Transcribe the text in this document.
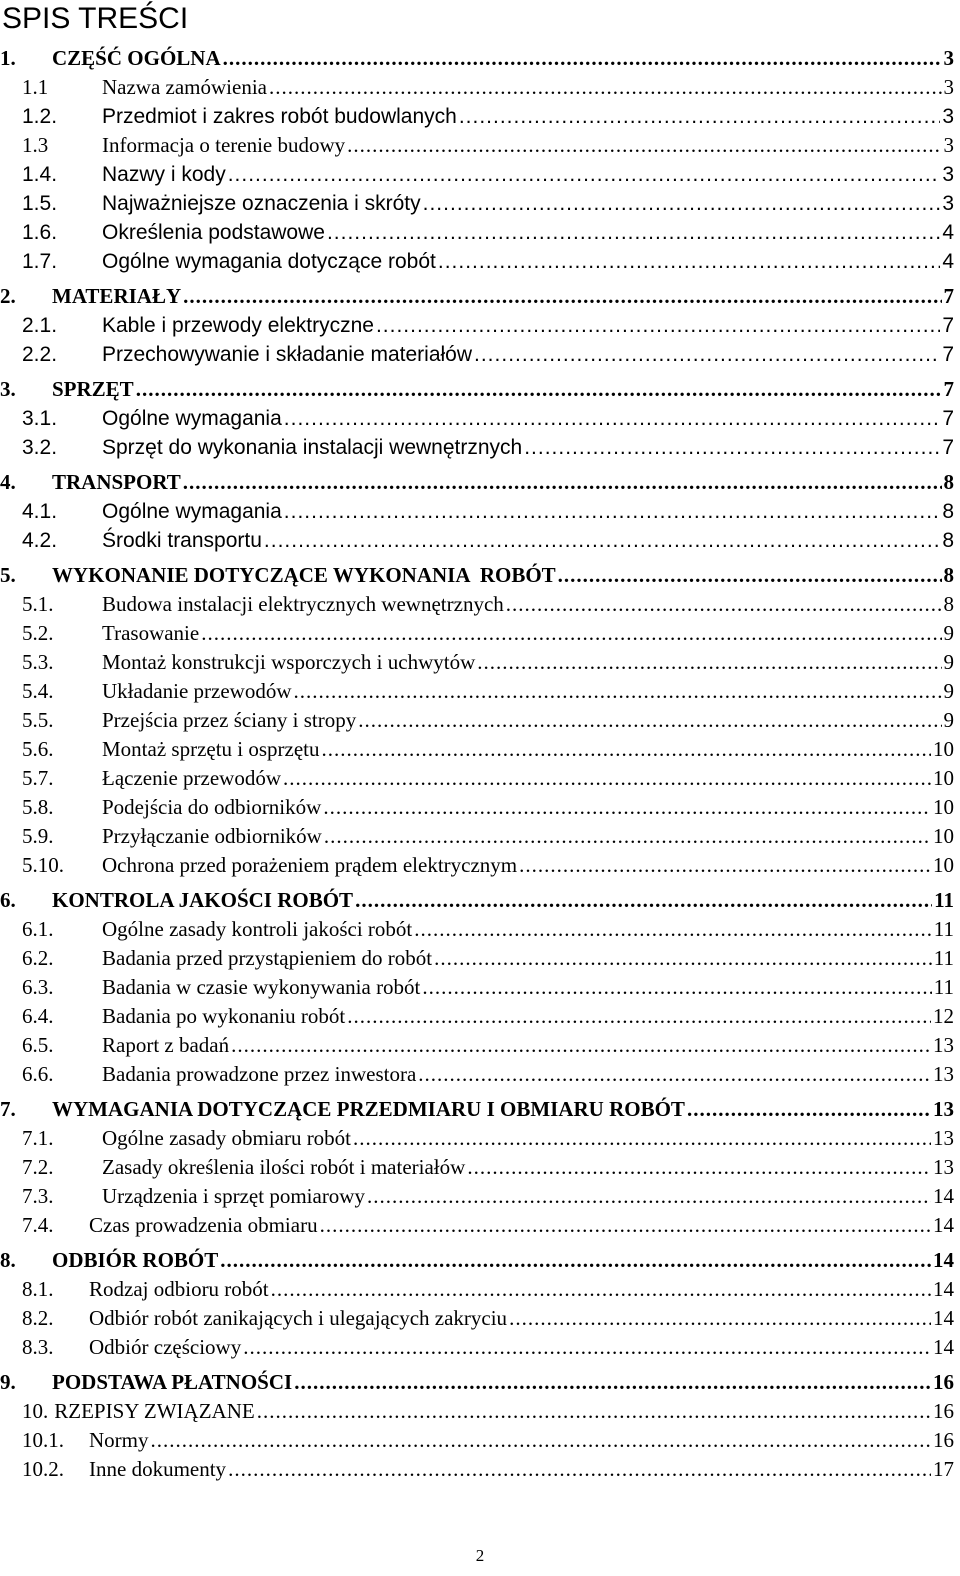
SPIS TREŚCI
1.	CZĘŚĆ OGÓLNA .....	3
1.1	Nazwa zamówienia .....	3
1.2.	Przedmiot i zakres robót budowlanych .....	3
1.3	Informacja o terenie budowy .....	3
1.4.	Nazwy i kody .....	3
1.5.	Najważniejsze oznaczenia i skróty .....	3
1.6.	Określenia podstawowe .....	4
1.7.	Ogólne wymagania dotyczące robót .....	4
2.	MATERIAŁY .....	7
2.1.	Kable i przewody elektryczne .....	7
2.2.	Przechowywanie i składanie materiałów .....	7
3.	SPRZĘT .....	7
3.1.	Ogólne wymagania .....	7
3.2.	Sprzęt do wykonania instalacji wewnętrznych .....	7
4.	TRANSPORT .....	8
4.1.	Ogólne wymagania .....	8
4.2.	Środki transportu .....	8
5.	WYKONANIE DOTYCZĄCE WYKONANIA  ROBÓT .....	8
5.1.	Budowa instalacji elektrycznych wewnętrznych .....	8
5.2.	Trasowanie .....	9
5.3.	Montaż konstrukcji wsporczych i uchwytów .....	9
5.4.	Układanie przewodów .....	9
5.5.	Przejścia przez ściany i stropy .....	9
5.6.	Montaż sprzętu i osprzętu .....	10
5.7.	Łączenie przewodów .....	10
5.8.	Podejścia do odbiorników .....	10
5.9.	Przyłączanie odbiorników .....	10
5.10.	Ochrona przed porażeniem prądem elektrycznym .....	10
6.	KONTROLA JAKOŚCI ROBÓT .....	11
6.1.	Ogólne zasady kontroli jakości robót .....	11
6.2.	Badania przed przystąpieniem do robót .....	11
6.3.	Badania w czasie wykonywania robót .....	11
6.4.	Badania po wykonaniu robót .....	12
6.5.	Raport z badań .....	13
6.6.	Badania prowadzone przez inwestora .....	13
7.	WYMAGANIA DOTYCZĄCE PRZEDMIARU I OBMIARU ROBÓT .....	13
7.1.	Ogólne zasady obmiaru robót .....	13
7.2.	Zasady określenia ilości robót i materiałów .....	13
7.3.	Urządzenia i sprzęt pomiarowy .....	14
7.4.	Czas prowadzenia obmiaru .....	14
8.	ODBIÓR ROBÓT .....	14
8.1.	Rodzaj odbioru robót .....	14
8.2.	Odbiór robót zanikających i ulegających zakryciu .....	14
8.3.	Odbiór częściowy .....	14
9.	PODSTAWA PŁATNOŚCI .....	16
10. RZEPISY ZWIĄZANE .....	16
10.1.	Normy .....	16
10.2.	Inne dokumenty .....	17
2
